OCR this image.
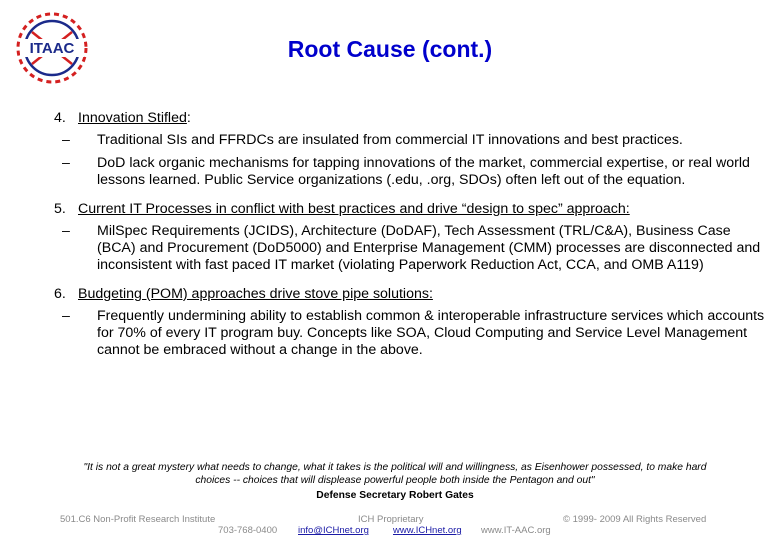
ITAAC	Root Cause (cont.)
4. Innovation Stifled:
– Traditional SIs and FFRDCs are insulated from commercial IT innovations and best practices.
– DoD lack organic mechanisms for tapping innovations of the market, commercial expertise, or real world lessons learned. Public Service organizations (.edu, .org, SDOs) often left out of the equation.
5. Current IT Processes in conflict with best practices and drive “design to spec” approach:
– MilSpec Requirements (JCIDS), Architecture (DoDAF), Tech Assessment (TRL/C&A), Business Case (BCA) and Procurement (DoD5000) and Enterprise Management (CMM) processes are disconnected and inconsistent with fast paced IT market (violating Paperwork Reduction Act, CCA, and OMB A119)
6. Budgeting (POM) approaches drive stove pipe solutions:
– Frequently undermining ability to establish common & interoperable infrastructure services which accounts for 70% of every IT program buy. Concepts like SOA, Cloud Computing and Service Level Management cannot be embraced without a change in the above.
"It is not a great mystery what needs to change, what it takes is the political will and willingness, as Eisenhower possessed, to make hard choices -- choices that will displease powerful people both inside the Pentagon and out"
Defense Secretary Robert Gates
501.C6 Non-Profit Research Institute
703-768-0400
ICH Proprietary
info@ICHnet.org	www.ICHnet.org www.IT-AAC.org
© 1999- 2009 All Rights Reserved
